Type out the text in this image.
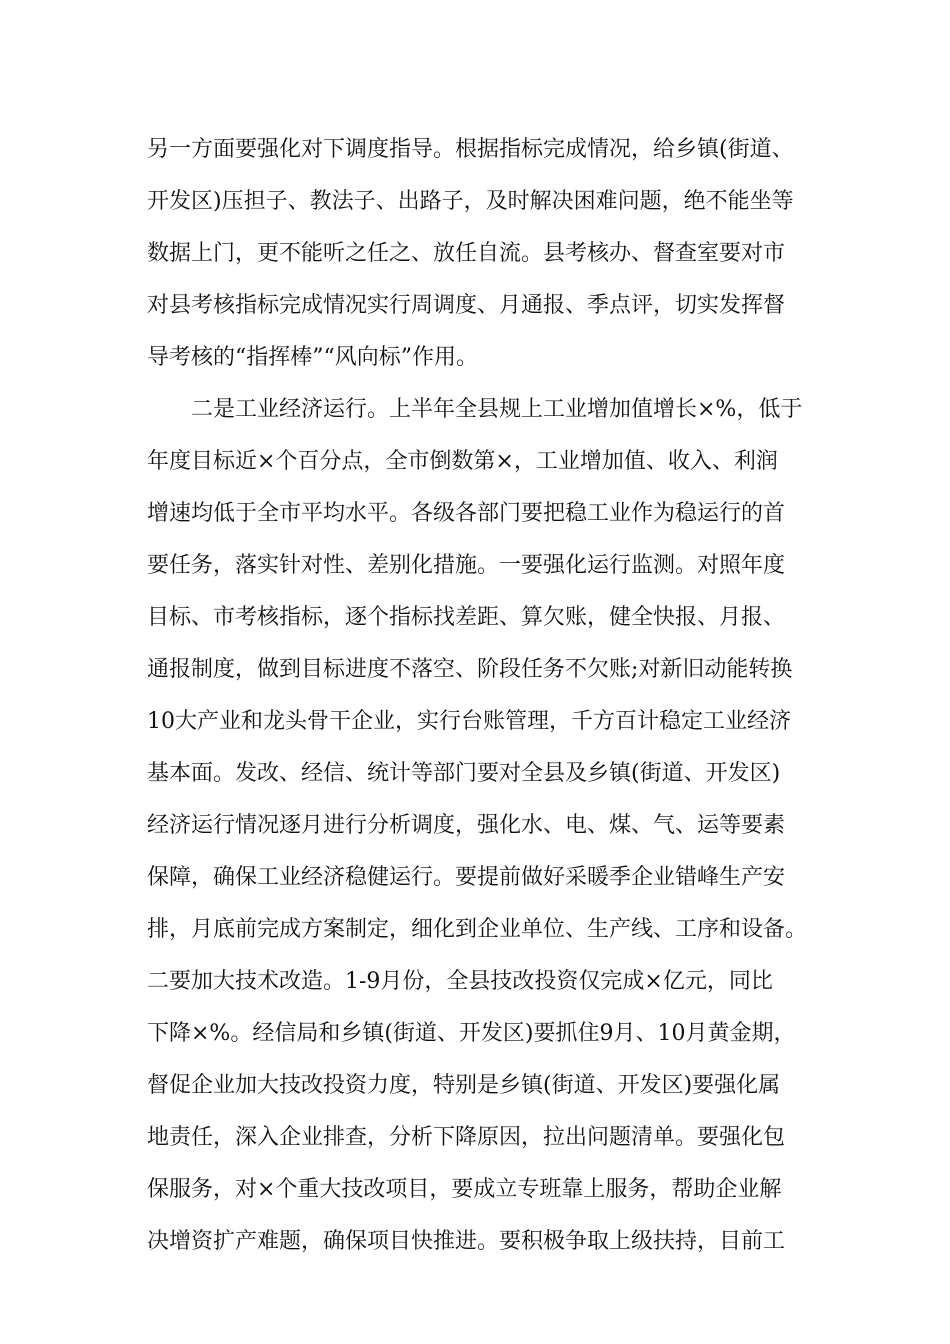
另一方面要强化对下调度指导。根据指标完成情况，给乡镇(街道、
开发区)压担子、教法子、出路子，及时解决困难问题，绝不能坐等
数据上门，更不能听之任之、放任自流。县考核办、督查室要对市
对县考核指标完成情况实行周调度、月通报、季点评，切实发挥督
导考核的“指挥棒”“风向标”作用。
二是工业经济运行。上半年全县规上工业增加值增长×%，低于
年度目标近×个百分点，全市倒数第×，工业增加值、收入、利润
增速均低于全市平均水平。各级各部门要把稳工业作为稳运行的首
要任务，落实针对性、差别化措施。一要强化运行监测。对照年度
目标、市考核指标，逐个指标找差距、算欠账，健全快报、月报、
通报制度，做到目标进度不落空、阶段任务不欠账;对新旧动能转换
10大产业和龙头骨干企业，实行台账管理，千方百计稳定工业经济
基本面。发改、经信、统计等部门要对全县及乡镇(街道、开发区)
经济运行情况逐月进行分析调度，强化水、电、煤、气、运等要素
保障，确保工业经济稳健运行。要提前做好采暖季企业错峰生产安
排，月底前完成方案制定，细化到企业单位、生产线、工序和设备。
二要加大技术改造。1-9月份，全县技改投资仅完成×亿元，同比
下降×%。经信局和乡镇(街道、开发区)要抓住9月、10月黄金期，
督促企业加大技改投资力度，特别是乡镇(街道、开发区)要强化属
地责任，深入企业排查，分析下降原因，拉出问题清单。要强化包
保服务，对×个重大技改项目，要成立专班靠上服务，帮助企业解
决增资扩产难题，确保项目快推进。要积极争取上级扶持，目前工
